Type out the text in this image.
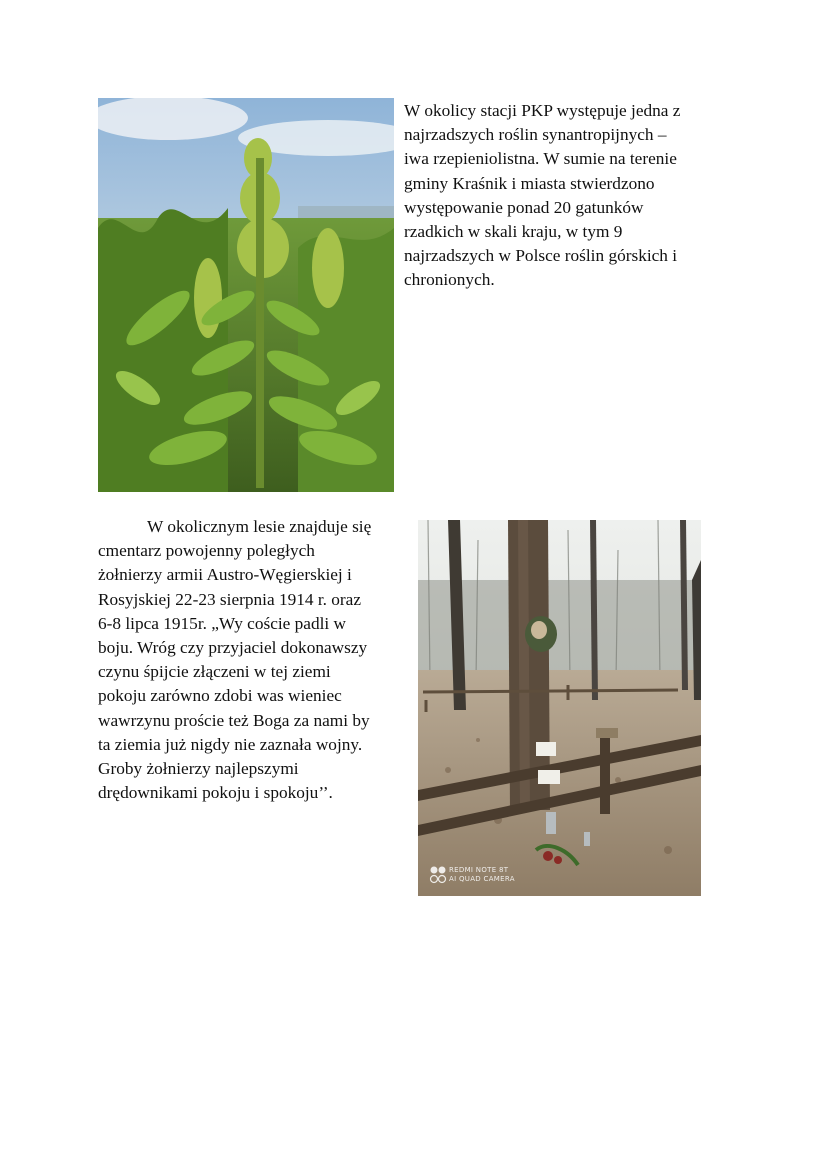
W okolicy stacji PKP występuje jedna z
najrzadszych roślin synantropijnych –
iwa rzepieniolistna. W sumie na terenie
gminy Kraśnik i miasta stwierdzono
występowanie ponad 20 gatunków
rzadkich w skali kraju, w tym 9
najrzadszych w Polsce roślin górskich i
chronionych.
W okolicznym lesie znajduje się
cmentarz powojenny poległych
żołnierzy armii Austro-Węgierskiej i
Rosyjskiej 22-23 sierpnia 1914 r. oraz
6-8 lipca 1915r. „Wy coście padli w
boju. Wróg czy przyjaciel dokonawszy
czynu śpijcie złączeni w tej ziemi
pokoju zarówno zdobi was wieniec
wawrzynu proście też Boga za nami by
ta ziemia już nigdy nie zaznała wojny.
Groby żołnierzy najlepszymi
drędownikami pokoju i spokoju’’.
REDMI NOTE 8T
AI QUAD CAMERA
